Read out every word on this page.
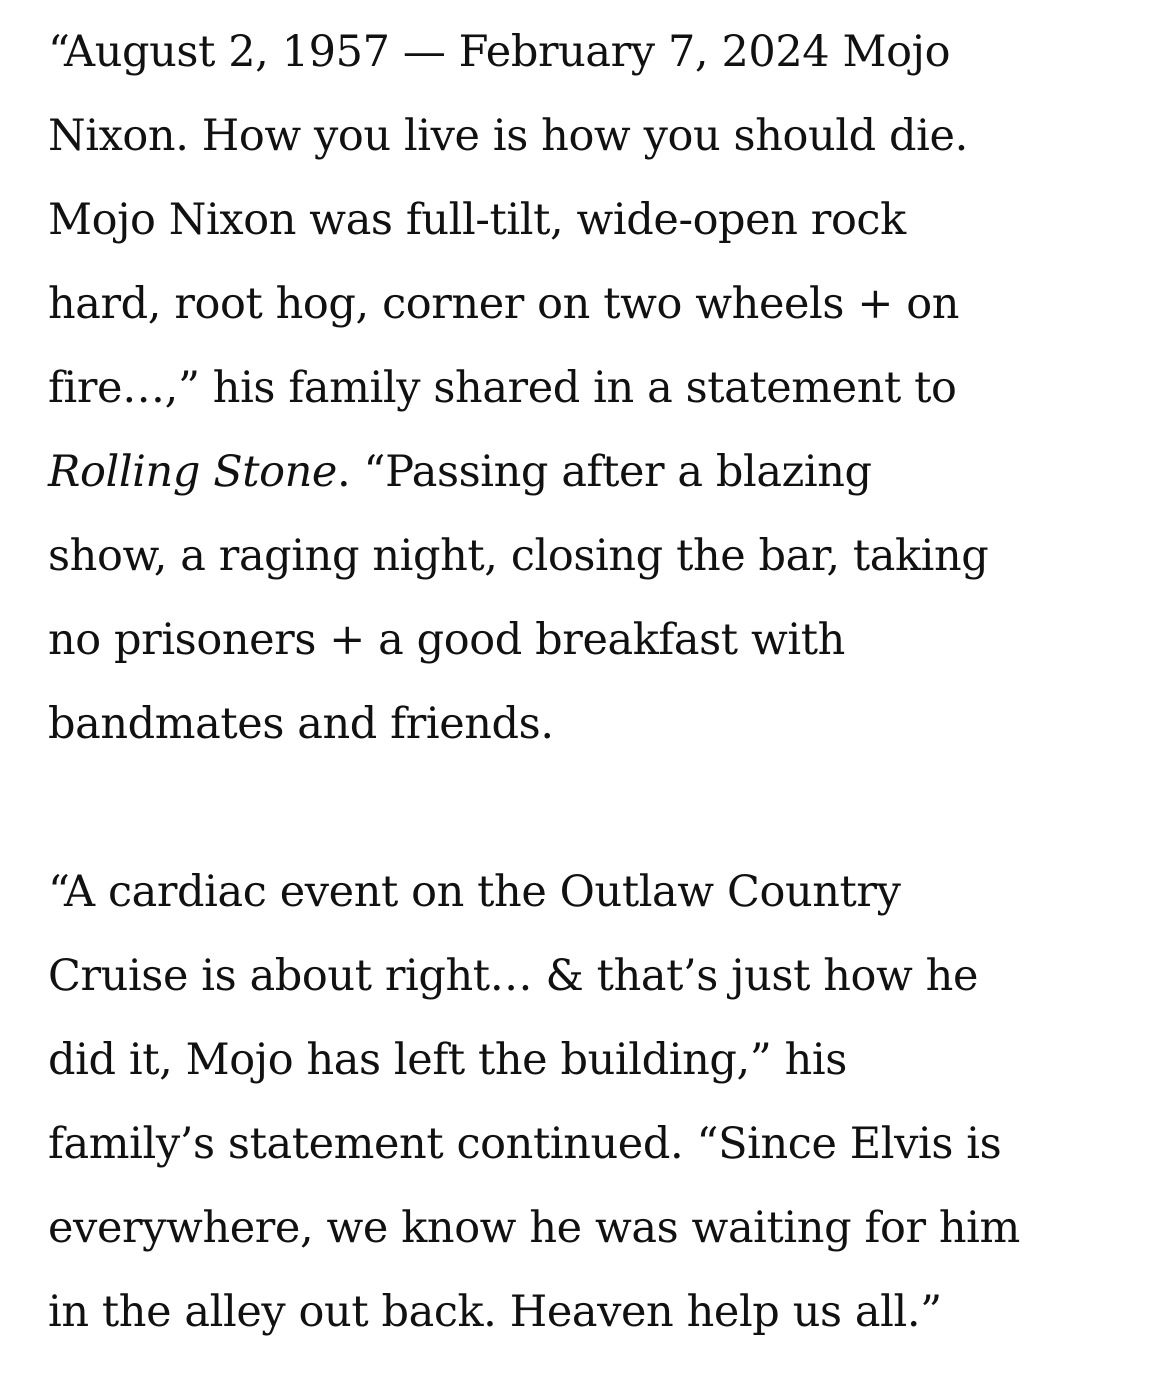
“August 2, 1957 — February 7, 2024 Mojo
Nixon. How you live is how you should die.
Mojo Nixon was full-tilt, wide-open rock
hard, root hog, corner on two wheels + on
fire…,” his family shared in a statement to
Rolling Stone. “Passing after a blazing
show, a raging night, closing the bar, taking
no prisoners + a good breakfast with
bandmates and friends.
“A cardiac event on the Outlaw Country
Cruise is about right… & that’s just how he
did it, Mojo has left the building,” his
family’s statement continued. “Since Elvis is
everywhere, we know he was waiting for him
in the alley out back. Heaven help us all.”
